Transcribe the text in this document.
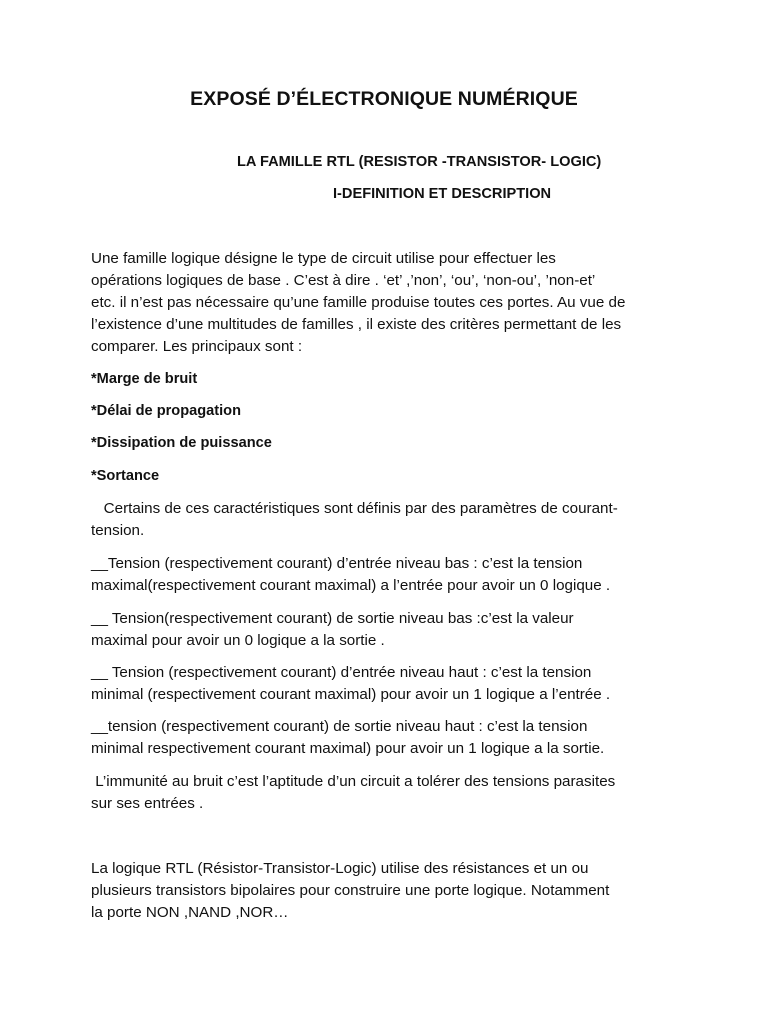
EXPOSÉ D’ÉLECTRONIQUE NUMÉRIQUE
LA FAMILLE RTL (RESISTOR -TRANSISTOR- LOGIC)
I-DEFINITION ET DESCRIPTION
Une famille logique désigne le type de circuit utilise pour effectuer les
opérations logiques de base . C’est à dire . ‘et’ ,’non’, ‘ou’, ‘non-ou’, ’non-et’
etc. il n’est pas nécessaire qu’une famille produise toutes ces portes. Au vue de
l’existence d’une multitudes de familles , il existe des critères permettant de les
comparer. Les principaux sont :
*Marge de bruit
*Délai de propagation
*Dissipation de puissance
*Sortance
Certains de ces caractéristiques sont définis par des paramètres de courant-
tension.
__Tension (respectivement courant) d’entrée niveau bas : c’est la tension
maximal(respectivement courant maximal) a l’entrée pour avoir un 0 logique .
__ Tension(respectivement courant) de sortie niveau bas :c’est la valeur
maximal pour avoir un 0 logique a la sortie .
__ Tension (respectivement courant) d’entrée niveau haut : c’est la tension
minimal (respectivement courant maximal) pour avoir un 1 logique a l’entrée .
__tension (respectivement courant) de sortie niveau haut : c’est la tension
minimal respectivement courant maximal) pour avoir un 1 logique a la sortie.
L’immunité au bruit c’est l’aptitude d’un circuit a tolérer des tensions parasites
sur ses entrées .
La logique RTL (Résistor-Transistor-Logic) utilise des résistances et un ou
plusieurs transistors bipolaires pour construire une porte logique. Notamment
la porte NON ,NAND ,NOR…
